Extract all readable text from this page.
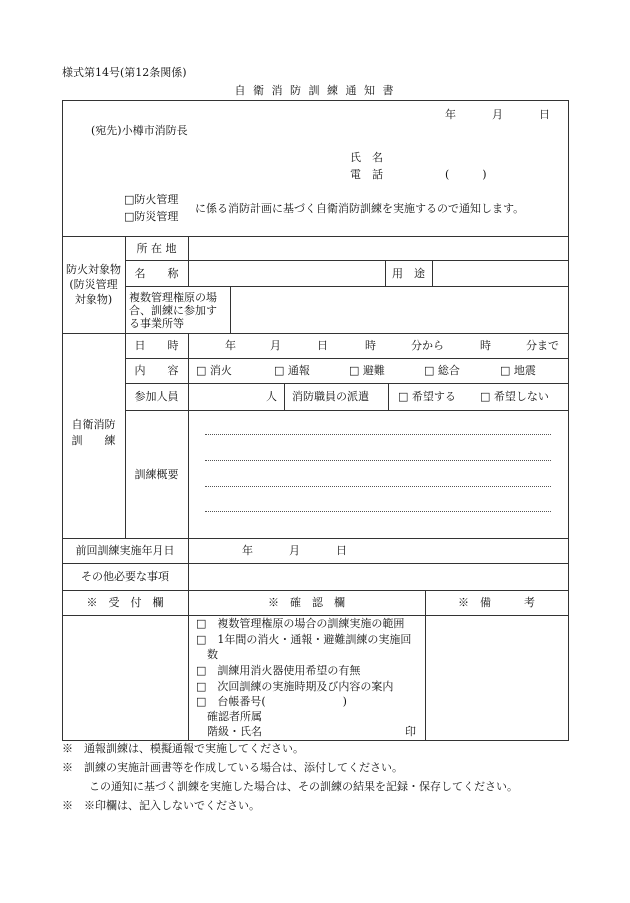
様式第14号(第12条関係)
自 衛 消 防 訓 練 通 知 書
年	月	日
(宛先)小樽市消防長
氏　名
電　話	(　　　)
□防火管理
□防災管理
に係る消防計画に基づく自衛消防訓練を実施するので通知します。
防火対象物
(防災管理
対象物)
所 在 地
名　　称	用　途
複数管理権原の場
合、訓練に参加す
る事業所等
自衛消防
訓　　練
日　　時	年	月	日	時	分から	時	分まで
内　　容	□ 消火	□ 通報	□ 避難	□ 総合	□ 地震
参加人員	人 消防職員の派遣	□ 希望する □ 希望しない
訓練概要
前回訓練実施年月日	年	月	日
その他必要な事項
※　受　付　欄	※　確　認　欄	※　備　　　考
□　複数管理権原の場合の訓練実施の範囲
□　1年間の消火・通報・避難訓練の実施回
数
□　訓練用消火器使用希望の有無
□　次回訓練の実施時期及び内容の案内
□　台帳番号(　　　　　　　)
確認者所属
階級・氏名	印
※　通報訓練は、模擬通報で実施してください。
※　訓練の実施計画書等を作成している場合は、添付してください。
この通知に基づく訓練を実施した場合は、その訓練の結果を記録・保存してください。
※　※印欄は、記入しないでください。
